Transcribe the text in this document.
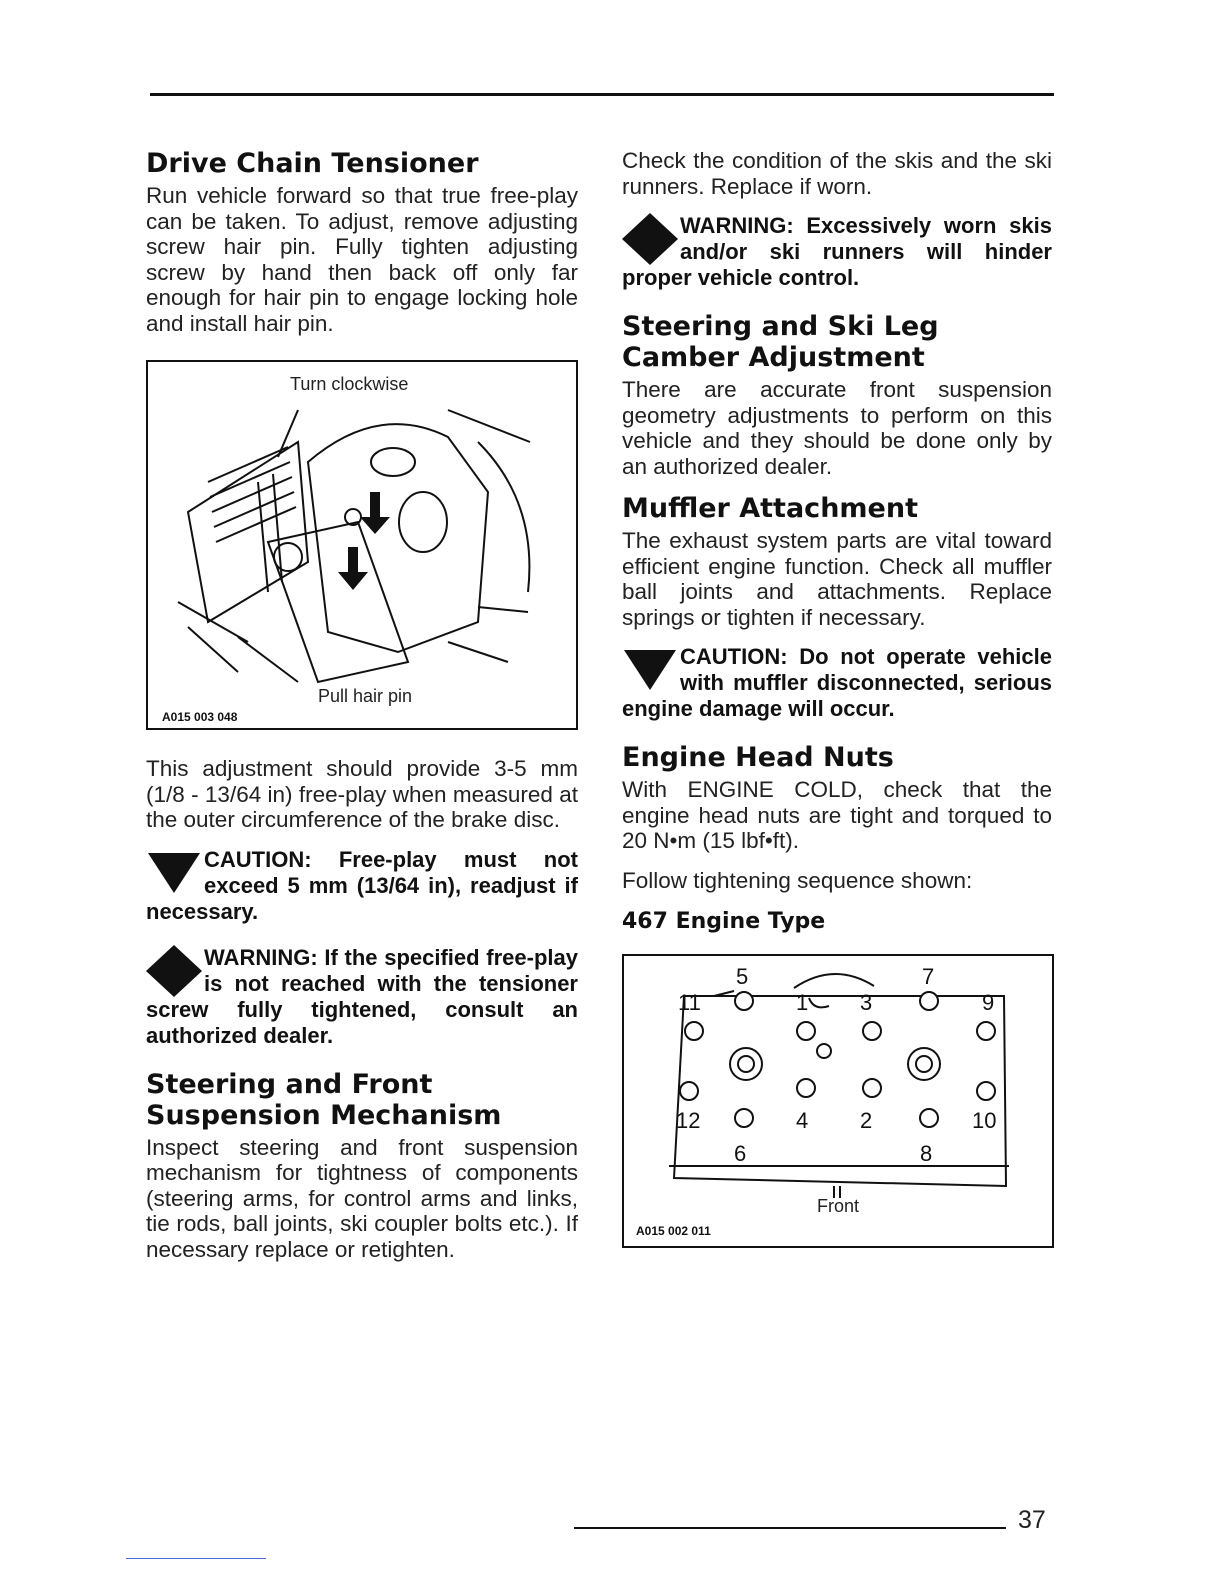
Drive Chain Tensioner

Run vehicle forward so that true free-play can be taken. To adjust, remove adjusting screw hair pin. Fully tighten adjusting screw by hand then back off only far enough for hair pin to engage locking hole and install hair pin.

Turn clockwise
Pull hair pin
A015 003 048

This adjustment should provide 3-5 mm (1/8 - 13/64 in) free-play when measured at the outer circumference of the brake disc.

CAUTION: Free-play must not exceed 5 mm (13/64 in), readjust if necessary.
WARNING: If the specified free-play is not reached with the tensioner screw fully tightened, consult an authorized dealer.
Steering and Front Suspension Mechanism

Inspect steering and front suspension mechanism for tightness of components (steering arms, for control arms and links, tie rods, ball joints, ski coupler bolts etc.). If necessary replace or retighten.

Check the condition of the skis and the ski runners. Replace if worn.

WARNING: Excessively worn skis and/or ski runners will hinder proper vehicle control.
Steering and Ski Leg Camber Adjustment

There are accurate front suspension geometry adjustments to perform on this vehicle and they should be done only by an authorized dealer.

Muffler Attachment

The exhaust system parts are vital toward efficient engine function. Check all muffler ball joints and attachments. Replace springs or tighten if necessary.

CAUTION: Do not operate vehicle with muffler disconnected, serious engine damage will occur.
Engine Head Nuts

With ENGINE COLD, check that the engine head nuts are tight and torqued to 20 N•m (15 lbf•ft).

Follow tightening sequence shown:

467 Engine Type
5	7
11	1 3	9
12	4 2	10
6	8
Front
A015 002 011
37
